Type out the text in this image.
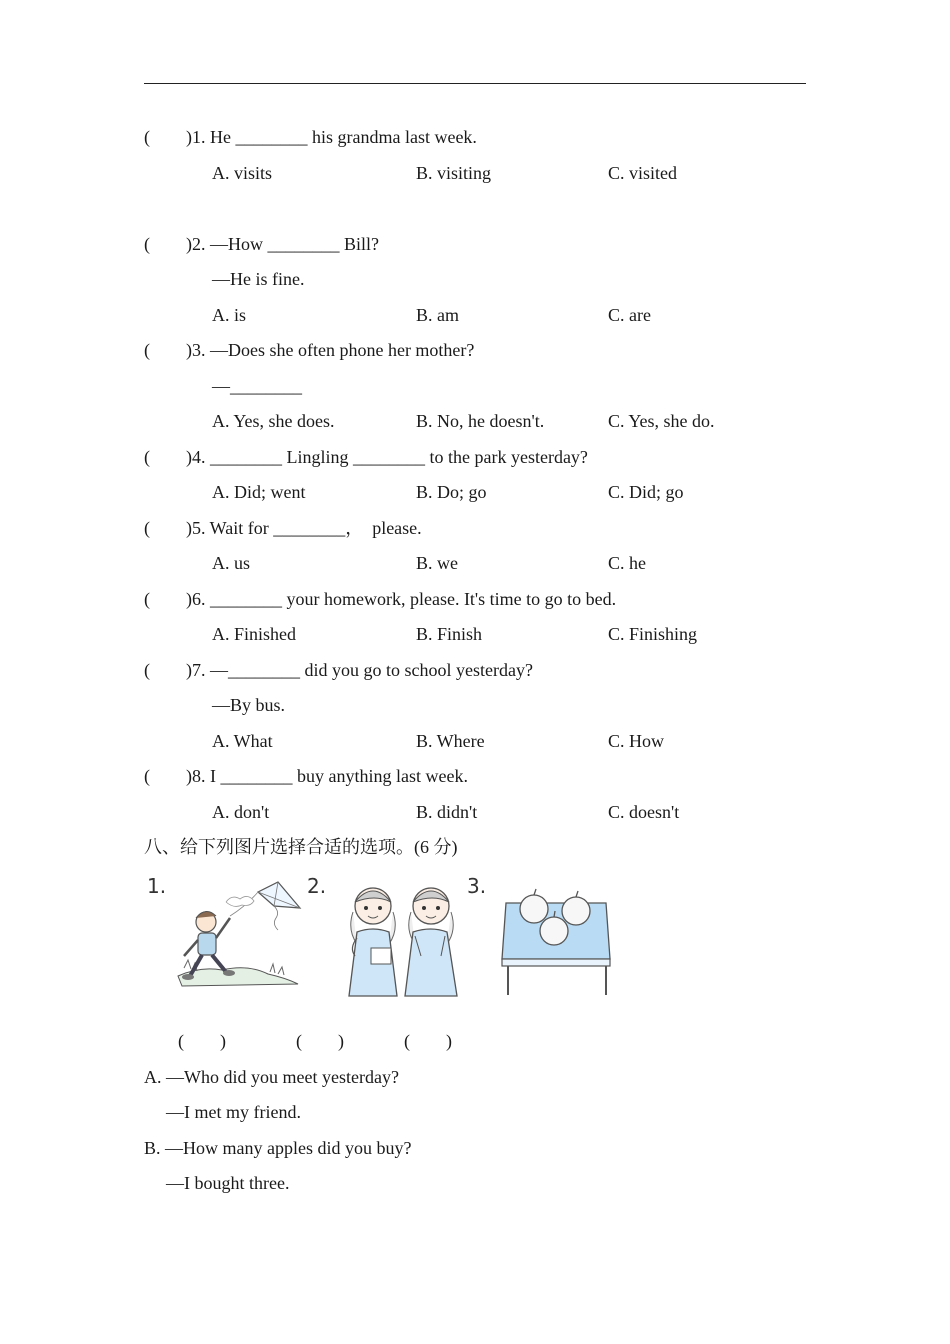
(        )1. He ________ his grandma last week.
A. visits	B. visiting	C. visited
(        )2. —How ________ Bill?
—He is fine.
A. is	B. am	C. are
(        )3. —Does she often phone her mother?
—________
A. Yes, she does.	B. No, he doesn't.	C. Yes, she do.
(        )4. ________ Lingling ________ to the park yesterday?
A. Did; went	B. Do; go	C. Did; go
(        )5. Wait for ________，  please.
A. us	B. we	C. he
(        )6. ________ your homework, please. It's time to go to bed.
A. Finished	B. Finish	C. Finishing
(        )7. —________ did you go to school yesterday?
—By bus.
A. What	B. Where	C. How
(        )8. I ________ buy anything last week.
A. don't	B. didn't	C. doesn't
八、给下列图片选择合适的选项。(6 分)
1.	2.	3.
(        )	(        )	(        )
A. —Who did you meet yesterday?
—I met my friend.
B. —How many apples did you buy?
—I bought three.
